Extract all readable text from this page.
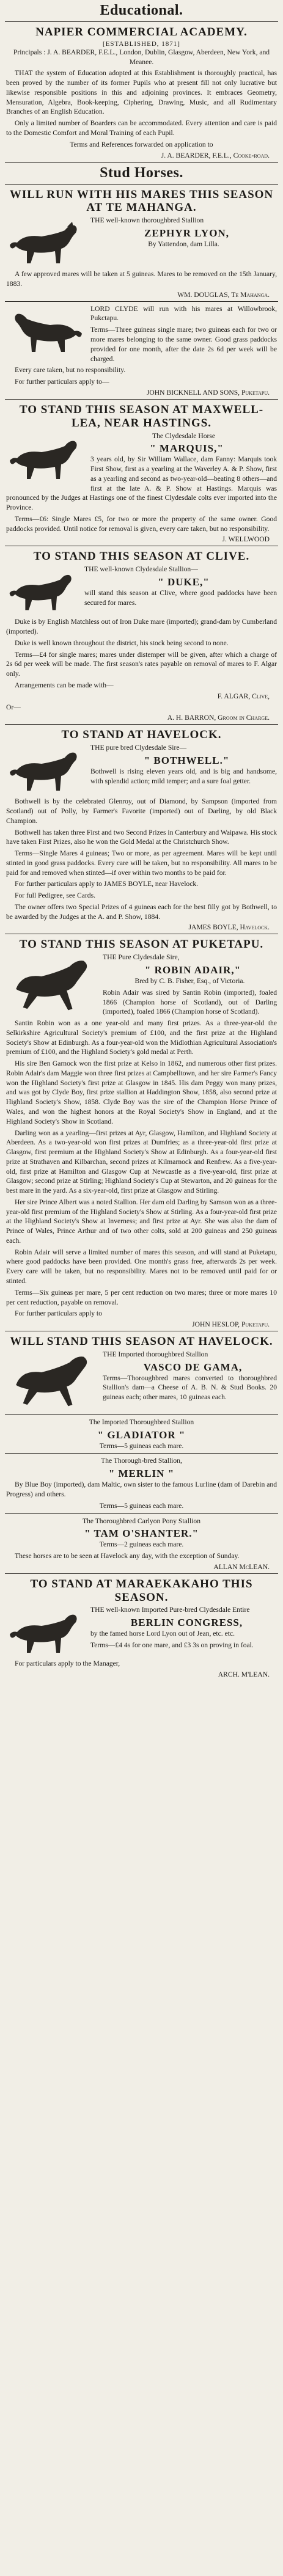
Educational.
NAPIER COMMERCIAL ACADEMY.
[ESTABLISHED, 1871]

Principals : J. A. BEARDER, F.E.L., London, Dublin, Glasgow, Aberdeen, New York, and Meanee.

THAT the system of Education adopted at this Establishment is thoroughly practical, has been proved by the number of its former Pupils who at present fill not only lucrative but likewise responsible positions in this and adjoining provinces. It embraces Geometry, Mensuration, Algebra, Book-keeping, Ciphering, Drawing, Music, and all Rudimentary Branches of an English Education.

Only a limited number of Boarders can be accommodated. Every attention and care is paid to the Domestic Comfort and Moral Training of each Pupil.

Terms and References forwarded on application to

J. A. BEARDER, F.E.L., Cooke-road.
Stud Horses.
WILL RUN WITH HIS MARES THIS SEASON AT TE MAHANGA.

THE well-known thoroughbred Stallion

ZEPHYR LYON,

By Yattendon, dam Lilla.

A few approved mares will be taken at 5 guineas. Mares to be removed on the 15th January, 1883.

WM. DOUGLAS, Te Mahanga.

LORD CLYDE will run with his mares at Willowbrook, Pukctapu.

Terms—Three guineas single mare; two guineas each for two or more mares belonging to the same owner. Good grass paddocks provided for one month, after the date 2s 6d per week will be charged.

Every care taken, but no responsibility.

For further particulars apply to—

JOHN BICKNELL AND SONS, Puketapu.
TO STAND THIS SEASON AT MAXWELL-LEA, NEAR HASTINGS.

The Clydesdale Horse

" MARQUIS,"

3 years old, by Sir William Wallace, dam Fanny: Marquis took First Show, first as a yearling at the Waverley A. & P. Show, first as a yearling and second as two-year-old—beating 8 others—and first at the late A. & P. Show at Hastings. Marquis was pronounced by the Judges at Hastings one of the finest Clydesdale colts ever imported into the Province.

Terms—£6: Single Mares £5, for two or more the property of the same owner. Good paddocks provided. Until notice for removal is given, every care taken, but no responsibility.

J. WELLWOOD
TO STAND THIS SEASON AT CLIVE.

THE well-known Clydesdale Stallion—

" DUKE,"

will stand this season at Clive, where good paddocks have been secured for mares.

Duke is by English Matchless out of Iron Duke mare (imported); grand-dam by Cumberland (imported).

Duke is well known throughout the district, his stock being second to none.

Terms—£4 for single mares; mares under distemper will be given, after which a charge of 2s 6d per week will be made. The first season's rates payable on removal of mares to F. Algar only.

Arrangements can be made with—

F. ALGAR, Clive,

Or—

A. H. BARRON, Groom in Charge.
TO STAND AT HAVELOCK.

THE pure bred Clydesdale Sire—

" BOTHWELL."

Bothwell is rising eleven years old, and is big and handsome, with splendid action; mild temper; and a sure foal getter.

Bothwell is by the celebrated Glenroy, out of Diamond, by Sampson (imported from Scotland) out of Polly, by Farmer's Favorite (imported) out of Darling, by old Black Champion.

Bothwell has taken three First and two Second Prizes in Canterbury and Waipawa. His stock have taken First Prizes, also he won the Gold Medal at the Christchurch Show.

Terms—Single Mares 4 guineas; Two or more, as per agreement. Mares will be kept until stinted in good grass paddocks. Every care will be taken, but no responsibility. All mares to be paid for and removed when stinted—if over within two months to be paid for.

For further particulars apply to JAMES BOYLE, near Havelock.

For full Pedigree, see Cards.

The owner offers two Special Prizes of 4 guineas each for the best filly got by Bothwell, to be awarded by the Judges at the A. and P. Show, 1884.

JAMES BOYLE, Havelock.
TO STAND THIS SEASON AT PUKETAPU.

THE Pure Clydesdale Sire,

" ROBIN ADAIR,"

Bred by C. B. Fisher, Esq., of Victoria.

Robin Adair was sired by Santin Robin (imported), foaled 1866 (Champion horse of Scotland), out of Darling (imported), foaled 1866 (Champion horse of Scotland).

Santin Robin won as a one year-old and many first prizes. As a three-year-old the Selkirkshire Agricultural Society's premium of £100, and the first prize at the Highland Society's Show at Edinburgh. As a four-year-old won the Midlothian Agricultural Association's premium of £100, and the Highland Society's gold medal at Perth.

His sire Ben Garnock won the first prize at Kelso in 1862, and numerous other first prizes. Robin Adair's dam Maggie won three first prizes at Campbelltown, and her sire Farmer's Fancy won the Highland Society's first prize at Glasgow in 1845. His dam Peggy won many prizes, and was got by Clyde Boy, first prize stallion at Haddington Show, 1858, also second prize at Highland Society's Show, 1858. Clyde Boy was the sire of the Champion Horse Prince of Wales, and won the highest honors at the Royal Society's Show in England, and at the Highland Society's Show in Scotland.

Darling won as a yearling—first prizes at Ayr, Glasgow, Hamilton, and Highland Society at Aberdeen. As a two-year-old won first prizes at Dumfries; as a three-year-old first prize at Glasgow, first premium at the Highland Society's Show at Edinburgh. As a four-year-old first prize at Strathaven and Kilbarchan, second prizes at Kilmarnock and Renfrew. As a five-year-old, first prize at Hamilton and Glasgow Cup at Newcastle as a five-year-old, first prize at Glasgow; second prize at Stirling; Highland Society's Cup at Stewarton, and 20 guineas for the best mare in the yard. As a six-year-old, first prize at Glasgow and Stirling.

Her sire Prince Albert was a noted Stallion. Her dam old Darling by Samson won as a three-year-old first premium of the Highland Society's Show at Stirling. As a four-year-old first prize at the Highland Society's Show at Inverness; and first prize at Ayr. She was also the dam of Prince of Wales, Prince Arthur and of two other colts, sold at 200 guineas and 250 guineas each.

Robin Adair will serve a limited number of mares this season, and will stand at Puketapu, where good paddocks have been provided. One month's grass free, afterwards 2s per week. Every care will be taken, but no responsibility. Mares not to be removed until paid for or stinted.

Terms—Six guineas per mare, 5 per cent reduction on two mares; three or more mares 10 per cent reduction, payable on removal.

For further particulars apply to

JOHN HESLOP, Puketapu.
WILL STAND THIS SEASON AT HAVELOCK.

THE Imported thoroughbred Stallion

VASCO DE GAMA,

Terms—Thoroughbred mares converted to thoroughbred Stallion's dam—a Cheese of A. B. N. & Stud Books. 20 guineas each; other mares, 10 guineas each.

The Imported Thoroughbred Stallion

" GLADIATOR "

Terms—5 guineas each mare.

The Thorough-bred Stallion,

" MERLIN "

By Blue Boy (imported), dam Maltic, own sister to the famous Lurline (dam of Darebin and Progress) and others.

Terms—5 guineas each mare.

The Thoroughbred Carlyon Pony Stallion

" TAM O'SHANTER."

Terms—2 guineas each mare.

These horses are to be seen at Havelock any day, with the exception of Sunday.

ALLAN McLEAN.
TO STAND AT MARAEKAKAHO THIS SEASON.

THE well-known Imported Pure-bred Clydesdale Entire

BERLIN CONGRESS,

by the famed horse Lord Lyon out of Jean, etc. etc.

Terms—£4 4s for one mare, and £3 3s on proving in foal.

For particulars apply to the Manager,

ARCH. M'LEAN.
